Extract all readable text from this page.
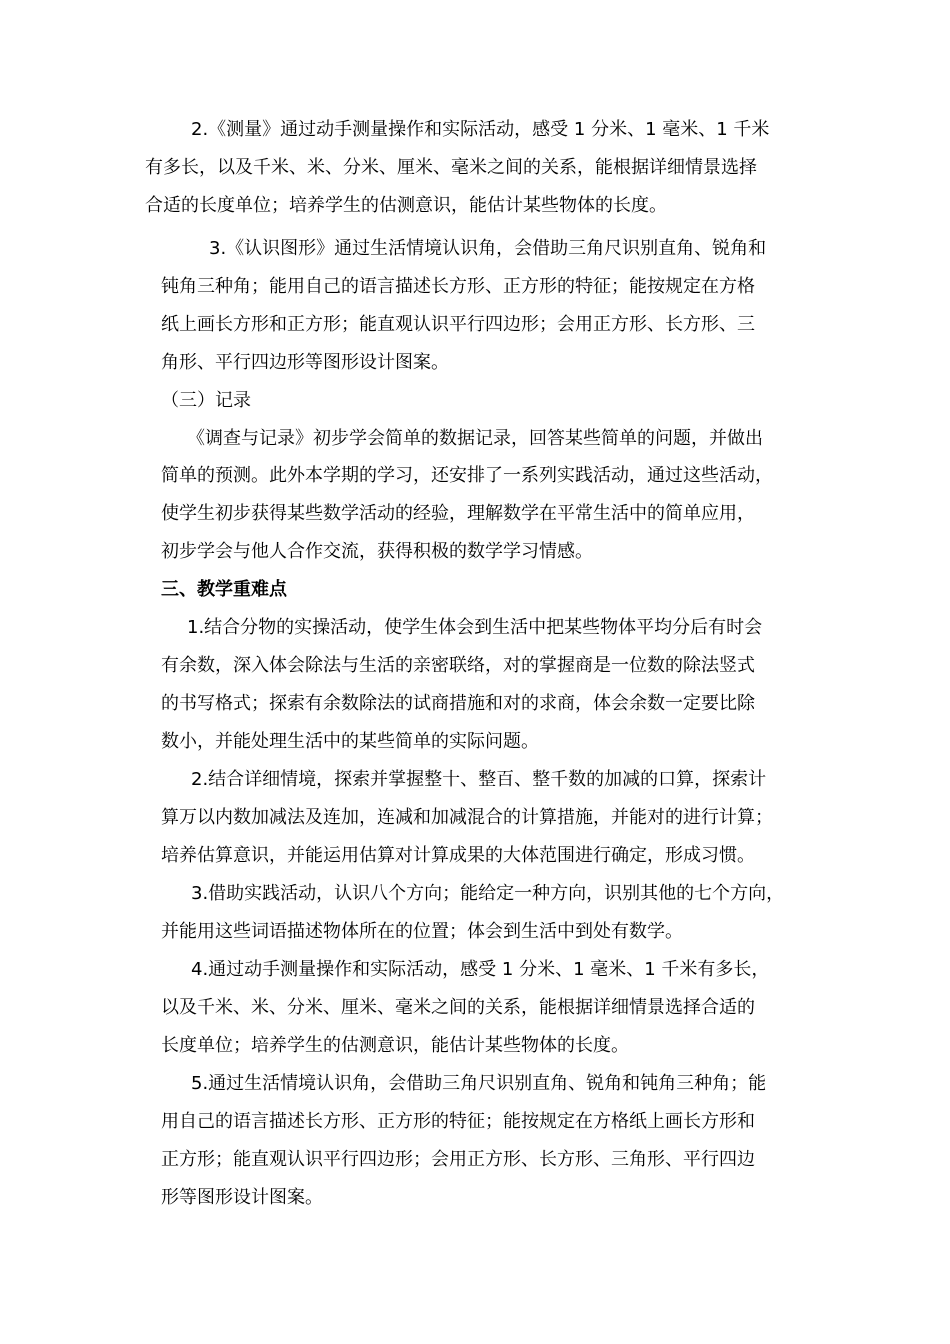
2.《测量》通过动手测量操作和实际活动，感受 1 分米、1 毫米、1 千米

有多长，以及千米、米、分米、厘米、毫米之间的关系，能根据详细情景选择

合适的长度单位；培养学生的估测意识，能估计某些物体的长度。

3.《认识图形》通过生活情境认识角，会借助三角尺识别直角、锐角和

钝角三种角；能用自己的语言描述长方形、正方形的特征；能按规定在方格

纸上画长方形和正方形；能直观认识平行四边形；会用正方形、长方形、三

角形、平行四边形等图形设计图案。

（三）记录

《调查与记录》初步学会简单的数据记录，回答某些简单的问题，并做出

简单的预测。此外本学期的学习，还安排了一系列实践活动，通过这些活动，

使学生初步获得某些数学活动的经验，理解数学在平常生活中的简单应用，

初步学会与他人合作交流，获得积极的数学学习情感。

三、教学重难点

1.结合分物的实操活动，使学生体会到生活中把某些物体平均分后有时会

有余数，深入体会除法与生活的亲密联络，对的掌握商是一位数的除法竖式

的书写格式；探索有余数除法的试商措施和对的求商，体会余数一定要比除

数小，并能处理生活中的某些简单的实际问题。

2.结合详细情境，探索并掌握整十、整百、整千数的加减的口算，探索计

算万以内数加减法及连加，连减和加减混合的计算措施，并能对的进行计算；

培养估算意识，并能运用估算对计算成果的大体范围进行确定，形成习惯。

3.借助实践活动，认识八个方向；能给定一种方向，识别其他的七个方向，

并能用这些词语描述物体所在的位置；体会到生活中到处有数学。

4.通过动手测量操作和实际活动，感受 1 分米、1 毫米、1 千米有多长，

以及千米、米、分米、厘米、毫米之间的关系，能根据详细情景选择合适的

长度单位；培养学生的估测意识，能估计某些物体的长度。

5.通过生活情境认识角，会借助三角尺识别直角、锐角和钝角三种角；能

用自己的语言描述长方形、正方形的特征；能按规定在方格纸上画长方形和

正方形；能直观认识平行四边形；会用正方形、长方形、三角形、平行四边

形等图形设计图案。
